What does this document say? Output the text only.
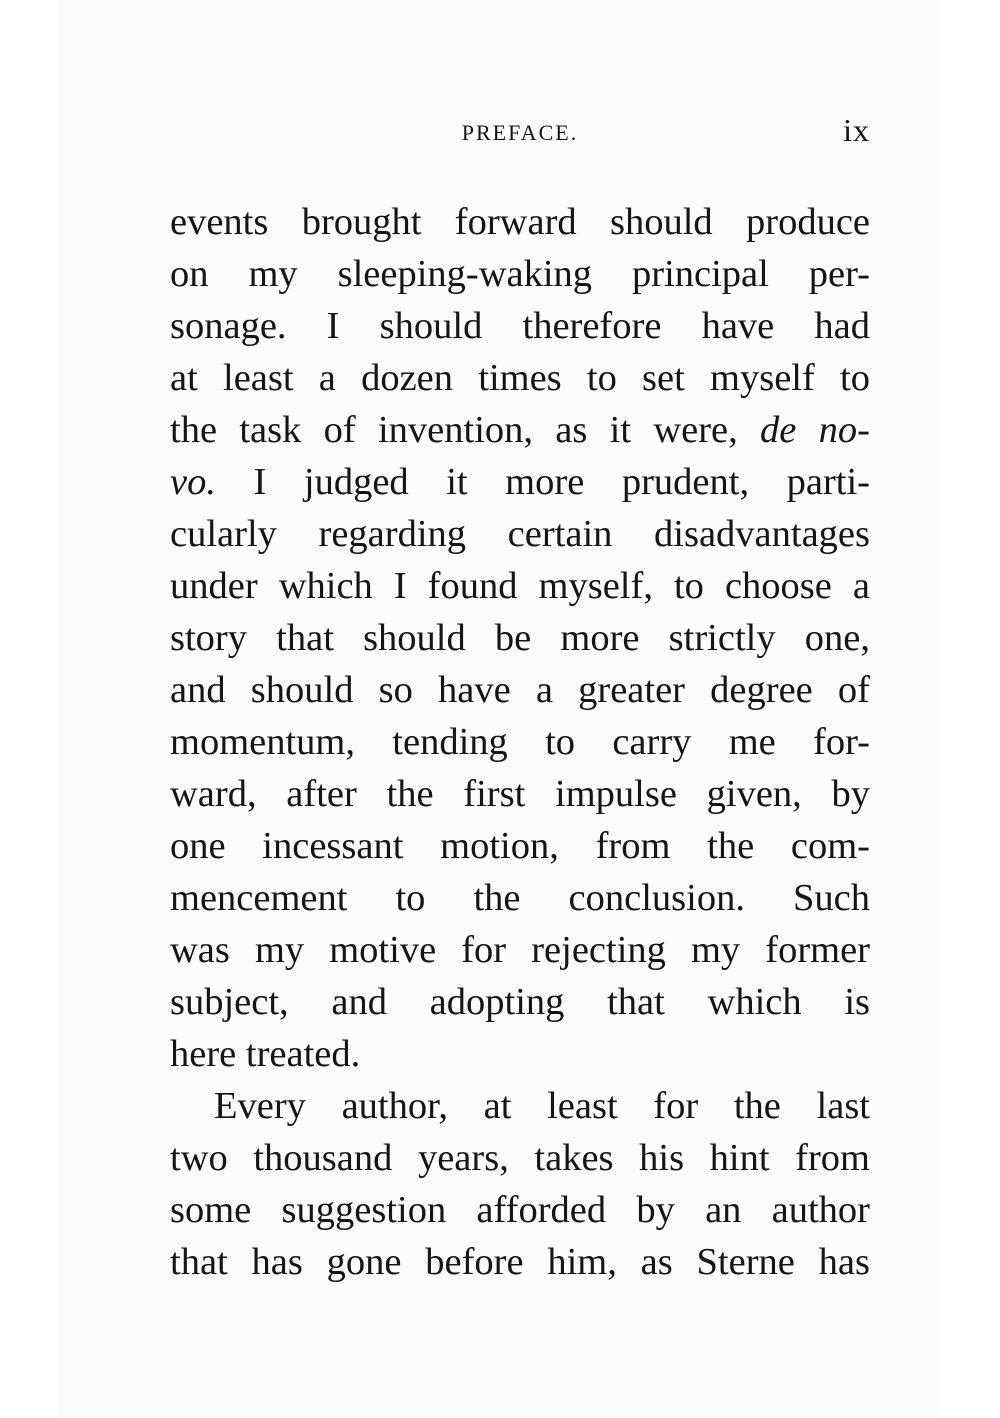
PREFACE.	ix
events brought forward should produce
on my sleeping-waking principal per-
sonage. I should therefore have had
at least a dozen times to set myself to
the task of invention, as it were, de no-
vo. I judged it more prudent, parti-
cularly regarding certain disadvantages
under which I found myself, to choose a
story that should be more strictly one,
and should so have a greater degree of
momentum, tending to carry me for-
ward, after the first impulse given, by
one incessant motion, from the com-
mencement to the conclusion. Such
was my motive for rejecting my former
subject, and adopting that which is
here treated.
Every author, at least for the last
two thousand years, takes his hint from
some suggestion afforded by an author
that has gone before him, as Sterne has
